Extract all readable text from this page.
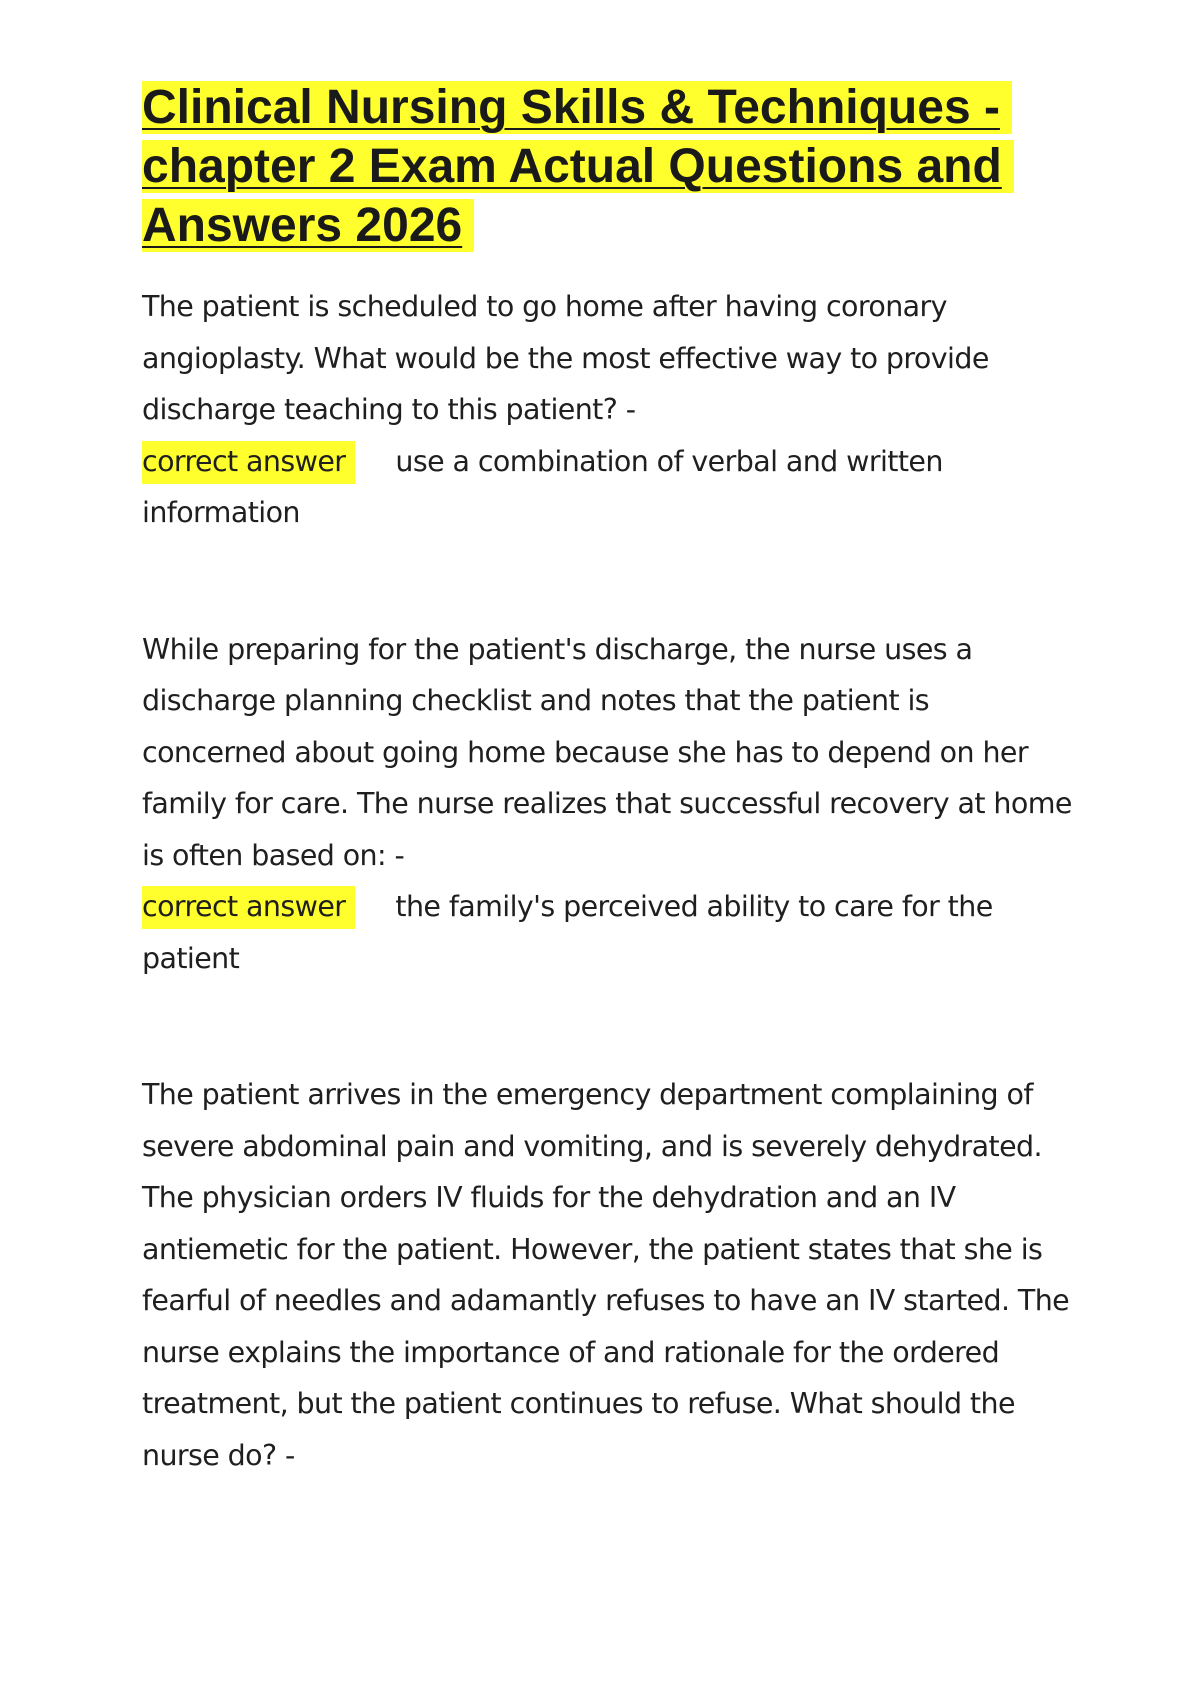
Clinical Nursing Skills & Techniques - chapter 2 Exam Actual Questions and Answers 2026

The patient is scheduled to go home after having coronary angioplasty. What would be the most effective way to provide discharge teaching to this patient? -

correct answer use a combination of verbal and written information

While preparing for the patient's discharge, the nurse uses a discharge planning checklist and notes that the patient is concerned about going home because she has to depend on her family for care. The nurse realizes that successful recovery at home is often based on: -

correct answer the family's perceived ability to care for the patient

The patient arrives in the emergency department complaining of severe abdominal pain and vomiting, and is severely dehydrated. The physician orders IV fluids for the dehydration and an IV antiemetic for the patient. However, the patient states that she is fearful of needles and adamantly refuses to have an IV started. The nurse explains the importance of and rationale for the ordered treatment, but the patient continues to refuse. What should the nurse do? -
